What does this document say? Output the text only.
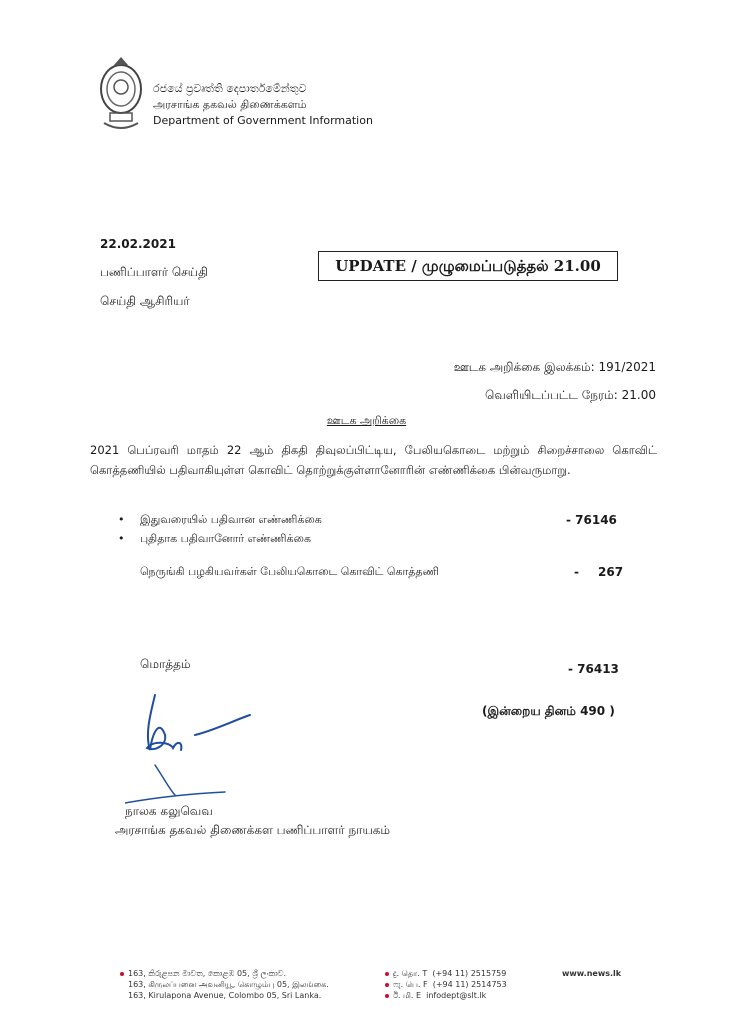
රජයේ ප්‍රවෘත්ති දෙපාර්තමේන්තුව
அரசாங்க தகவல் திணைக்களம்
Department of Government Information
22.02.2021
பணிப்பாளர் செய்தி
செய்தி ஆசிரியர்
UPDATE / முழுமைப்படுத்தல் 21.00
ஊடக அறிக்கை இலக்கம்: 191/2021
வெளியிடப்பட்ட நேரம்: 21.00
ஊடக அறிக்கை
2021 பெப்ரவரி மாதம் 22 ஆம் திகதி திவுலப்பிட்டிய, பேலியகொடை மற்றும் சிறைச்சாலை கொவிட் கொத்தணியில் பதிவாகியுள்ள கொவிட் தொற்றுக்குள்ளானோரின் எண்ணிக்கை பின்வருமாறு.
• இதுவரையில் பதிவான எண்ணிக்கை	- 76146
• புதிதாக பதிவானோர் எண்ணிக்கை
நெருங்கி பழகியவர்கள் பேலியகொடை கொவிட் கொத்தணி	- 267
மொத்தம்	- 76413
(இன்றைய தினம் 490 )
நாலக கலுவெவ
அரசாங்க தகவல் திணைக்கள பணிப்பாளர் நாயகம்
163, කිරුළපන මාවත, කොළඹ 05, ශ්‍රී ලංකාව.
163, கிருலப்பனை அவனியூ, கொழும்பு 05, இலங்கை.
163, Kirulapona Avenue, Colombo 05, Sri Lanka.
දු. தொ. T (+94 11) 2515759
ෆැ. பெ. F (+94 11) 2514753
ඊ. மி. E infodept@slt.lk
www.news.lk
